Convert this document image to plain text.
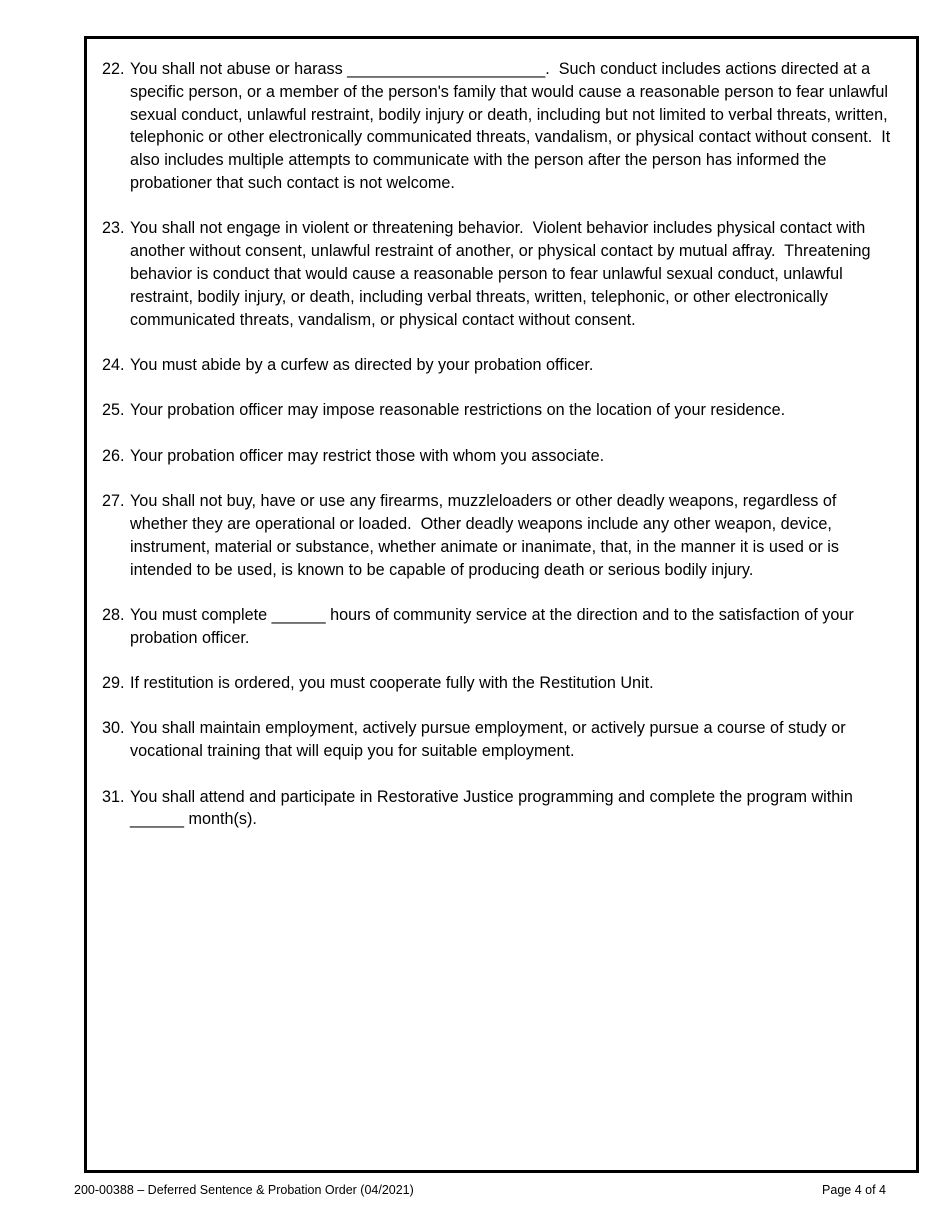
22. You shall not abuse or harass ______________________.  Such conduct includes actions directed at a specific person, or a member of the person's family that would cause a reasonable person to fear unlawful sexual conduct, unlawful restraint, bodily injury or death, including but not limited to verbal threats, written, telephonic or other electronically communicated threats, vandalism, or physical contact without consent.  It also includes multiple attempts to communicate with the person after the person has informed the probationer that such contact is not welcome.
23. You shall not engage in violent or threatening behavior.  Violent behavior includes physical contact with another without consent, unlawful restraint of another, or physical contact by mutual affray.  Threatening behavior is conduct that would cause a reasonable person to fear unlawful sexual conduct, unlawful restraint, bodily injury, or death, including verbal threats, written, telephonic, or other electronically communicated threats, vandalism, or physical contact without consent.
24. You must abide by a curfew as directed by your probation officer.
25. Your probation officer may impose reasonable restrictions on the location of your residence.
26. Your probation officer may restrict those with whom you associate.
27. You shall not buy, have or use any firearms, muzzleloaders or other deadly weapons, regardless of whether they are operational or loaded.  Other deadly weapons include any other weapon, device, instrument, material or substance, whether animate or inanimate, that, in the manner it is used or is intended to be used, is known to be capable of producing death or serious bodily injury.
28. You must complete ______ hours of community service at the direction and to the satisfaction of your probation officer.
29. If restitution is ordered, you must cooperate fully with the Restitution Unit.
30. You shall maintain employment, actively pursue employment, or actively pursue a course of study or vocational training that will equip you for suitable employment.
31. You shall attend and participate in Restorative Justice programming and complete the program within ______ month(s).
200-00388 – Deferred Sentence & Probation Order (04/2021)	Page 4 of 4
